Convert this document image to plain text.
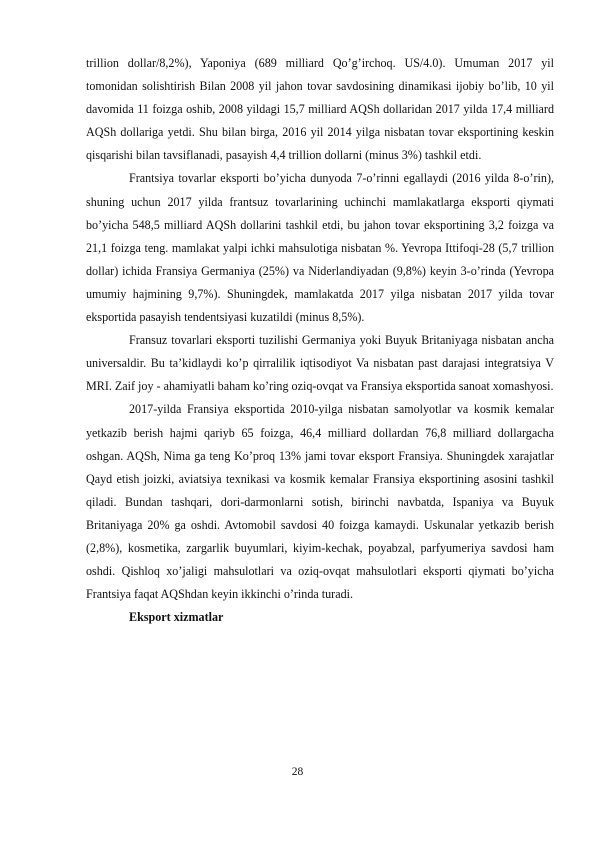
trillion dollar/8,2%), Yaponiya (689 milliard Qo’g’irchoq. US/4.0). Umuman 2017 yil tomonidan solishtirish Bilan 2008 yil jahon tovar savdosining dinamikasi ijobiy bo’lib, 10 yil davomida 11 foizga oshib, 2008 yildagi 15,7 milliard AQSh dollaridan 2017 yilda 17,4 milliard AQSh dollariga yetdi. Shu bilan birga, 2016 yil 2014 yilga nisbatan tovar eksportining keskin qisqarishi bilan tavsiflanadi, pasayish 4,4 trillion dollarni (minus 3%) tashkil etdi.

Frantsiya tovarlar eksporti bo’yicha dunyoda 7-o’rinni egallaydi (2016 yilda 8-o’rin), shuning uchun 2017 yilda frantsuz tovarlarining uchinchi mamlakatlarga eksporti qiymati bo’yicha 548,5 milliard AQSh dollarini tashkil etdi, bu jahon tovar eksportining 3,2 foizga va 21,1 foizga teng. mamlakat yalpi ichki mahsulotiga nisbatan %. Yevropa Ittifoqi-28 (5,7 trillion dollar) ichida Fransiya Germaniya (25%) va Niderlandiyadan (9,8%) keyin 3-o’rinda (Yevropa umumiy hajmining 9,7%). Shuningdek, mamlakatda 2017 yilga nisbatan 2017 yilda tovar eksportida pasayish tendentsiyasi kuzatildi (minus 8,5%).

Fransuz tovarlari eksporti tuzilishi Germaniya yoki Buyuk Britaniyaga nisbatan ancha universaldir. Bu ta’kidlaydi ko’p qirralilik iqtisodiyot Va nisbatan past darajasi integratsiya V MRI. Zaif joy - ahamiyatli baham ko’ring oziq-ovqat va Fransiya eksportida sanoat xomashyosi.

2017-yilda Fransiya eksportida 2010-yilga nisbatan samolyotlar va kosmik kemalar yetkazib berish hajmi qariyb 65 foizga, 46,4 milliard dollardan 76,8 milliard dollargacha oshgan. AQSh, Nima ga teng Ko’proq 13% jami tovar eksport Fransiya. Shuningdek xarajatlar Qayd etish joizki, aviatsiya texnikasi va kosmik kemalar Fransiya eksportining asosini tashkil qiladi. Bundan tashqari, dori-darmonlarni sotish, birinchi navbatda, Ispaniya va Buyuk Britaniyaga 20% ga oshdi. Avtomobil savdosi 40 foizga kamaydi. Uskunalar yetkazib berish (2,8%), kosmetika, zargarlik buyumlari, kiyim-kechak, poyabzal, parfyumeriya savdosi ham oshdi. Qishloq xo’jaligi mahsulotlari va oziq-ovqat mahsulotlari eksporti qiymati bo’yicha Frantsiya faqat AQShdan keyin ikkinchi o’rinda turadi.

Eksport xizmatlar

28
